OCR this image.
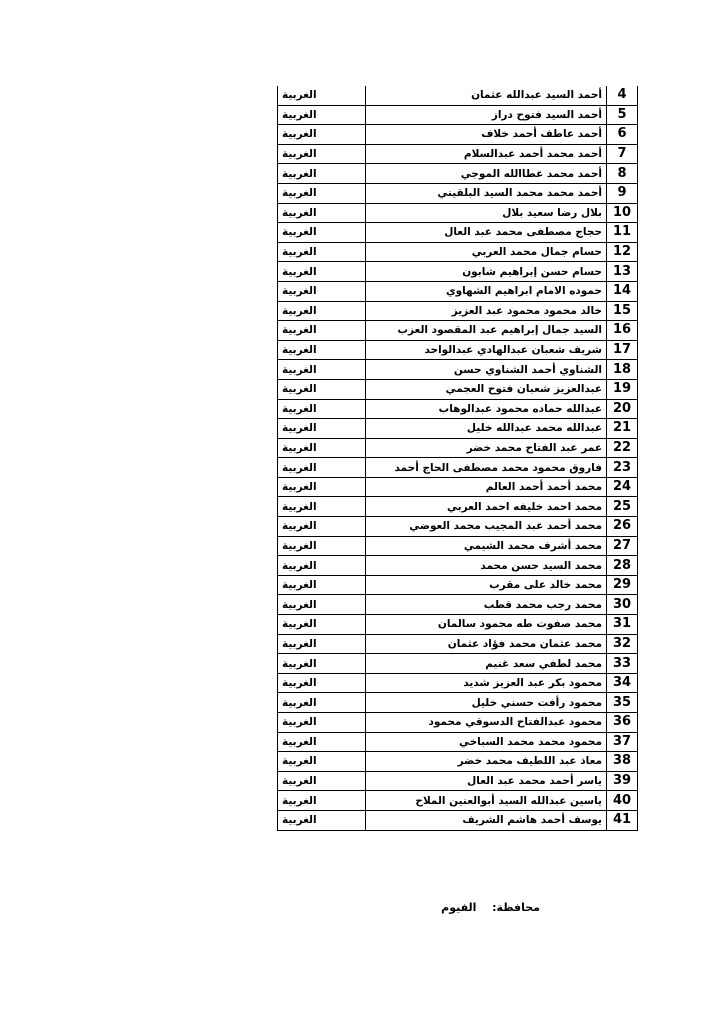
4	أحمد السيد عبدالله عثمان	الغربية
5	أحمد السيد فتوح دراز	الغربية
6	أحمد عاطف أحمد خلاف	الغربية
7	أحمد محمد أحمد عبدالسلام	الغربية
8	أحمد محمد عطاالله الموجي	الغربية
9	أحمد محمد محمد السيد البلقيني	الغربية
10	بلال رضا سعيد بلال	الغربية
11	حجاج مصطفى محمد عبد العال	الغربية
12	حسام جمال محمد العربي	الغربية
13	حسام حسن إبراهيم شابون	الغربية
14	حموده الامام ابراهيم الشهاوي	الغربية
15	خالد محمود محمود عبد العزيز	الغربية
16	السيد جمال إبراهيم عبد المقصود العزب	الغربية
17	شريف شعبان عبدالهادي عبدالواحد	الغربية
18	الشناوي أحمد الشناوي حسن	الغربية
19	عبدالعزيز شعبان فتوح العجمي	الغربية
20	عبدالله حماده محمود عبدالوهاب	الغربية
21	عبدالله محمد عبدالله خليل	الغربية
22	عمر عبد الفتاح محمد خضر	الغربية
23	فاروق محمود محمد مصطفى الحاج أحمد	الغربية
24	محمد أحمد أحمد العالم	الغربية
25	محمد احمد خليفه احمد العربي	الغربية
26	محمد أحمد عبد المجيب محمد العوضي	الغربية
27	محمد أشرف محمد الشيمي	الغربية
28	محمد السيد حسن محمد	الغربية
29	محمد خالد على مقرب	الغربية
30	محمد رجب محمد قطب	الغربية
31	محمد صفوت طه محمود سالمان	الغربية
32	محمد عثمان محمد فؤاد عثمان	الغربية
33	محمد لطفي سعد غنيم	الغربية
34	محمود بكر عبد العزيز شديد	الغربية
35	محمود رأفت حسني خليل	الغربية
36	محمود عبدالفتاح الدسوقي محمود	الغربية
37	محمود محمد محمد السباخي	الغربية
38	معاذ عبد اللطيف محمد خضر	الغربية
39	ياسر أحمد محمد عبد العال	الغربية
40	ياسين عبدالله السيد أبوالعنين الملاح	الغربية
41	يوسف أحمد هاشم الشريف	الغربية
محافظة:  الفيوم
